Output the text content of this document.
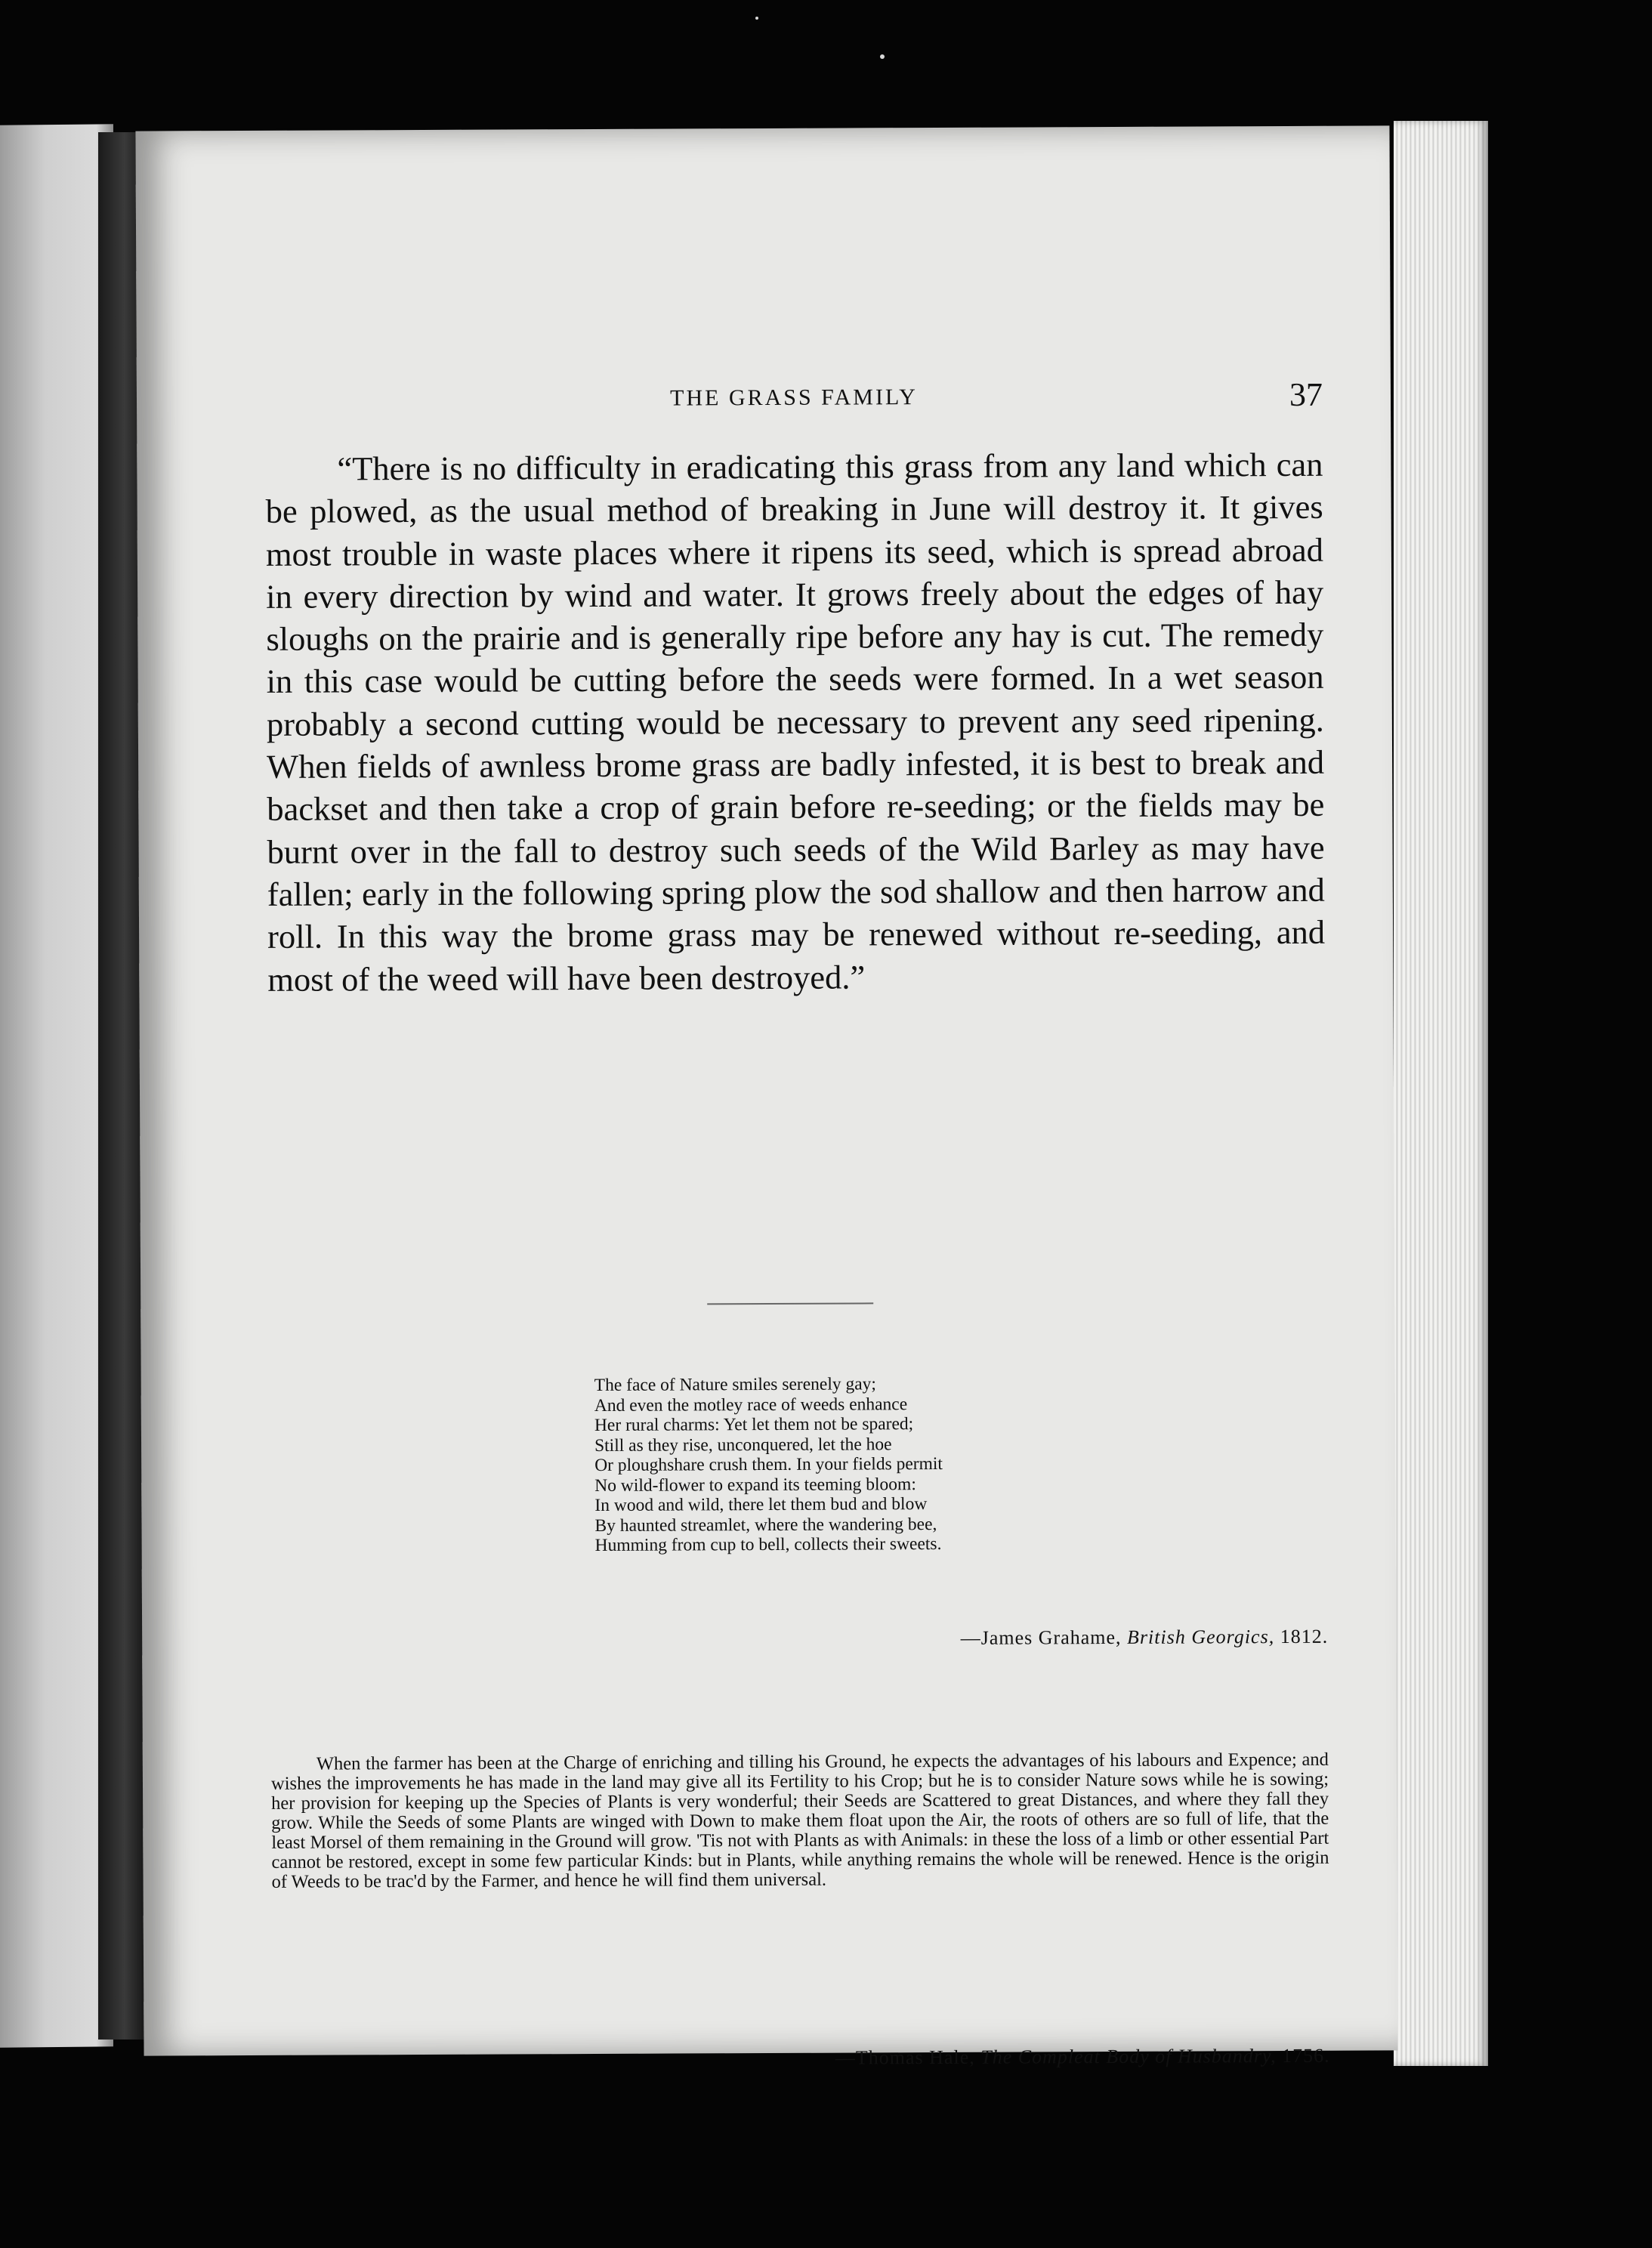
THE GRASS FAMILY	37

“There is no difficulty in eradicating this grass from any land which can be plowed, as the usual method of breaking in June will destroy it. It gives most trouble in waste places where it ripens its seed, which is spread abroad in every direction by wind and water. It grows freely about the edges of hay sloughs on the prairie and is generally ripe before any hay is cut. The remedy in this case would be cutting before the seeds were formed. In a wet season probably a second cutting would be necessary to prevent any seed ripening. When fields of awnless brome grass are badly infested, it is best to break and backset and then take a crop of grain before re-seeding; or the fields may be burnt over in the fall to destroy such seeds of the Wild Barley as may have fallen; early in the following spring plow the sod shallow and then harrow and roll. In this way the brome grass may be renewed without re-seeding, and most of the weed will have been destroyed.”

The face of Nature smiles serenely gay;
And even the motley race of weeds enhance
Her rural charms: Yet let them not be spared;
Still as they rise, unconquered, let the hoe
Or ploughshare crush them. In your fields permit
No wild-flower to expand its teeming bloom:
In wood and wild, there let them bud and blow
By haunted streamlet, where the wandering bee,
Humming from cup to bell, collects their sweets.
—James Grahame, British Georgics, 1812.

When the farmer has been at the Charge of enriching and tilling his Ground, he expects the advantages of his labours and Expence; and wishes the improvements he has made in the land may give all its Fertility to his Crop; but he is to consider Nature sows while he is sowing; her provision for keeping up the Species of Plants is very wonderful; their Seeds are Scattered to great Distances, and where they fall they grow. While the Seeds of some Plants are winged with Down to make them float upon the Air, the roots of others are so full of life, that the least Morsel of them remaining in the Ground will grow. 'Tis not with Plants as with Animals: in these the loss of a limb or other essential Part cannot be restored, except in some few particular Kinds: but in Plants, while anything remains the whole will be renewed. Hence is the origin of Weeds to be trac'd by the Farmer, and hence he will find them universal.

—Thomas Hale, The Compleat Body of Husbandry, 1756.
